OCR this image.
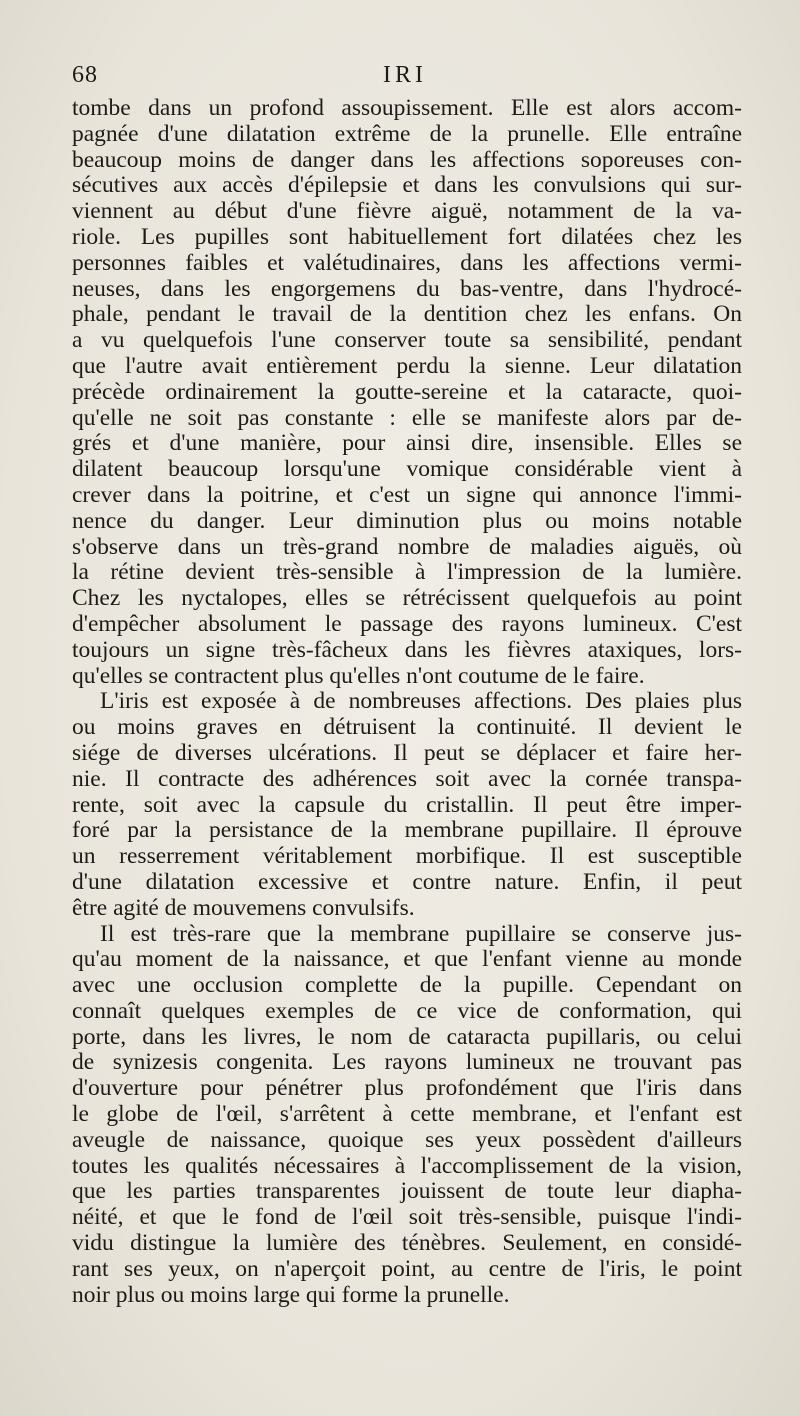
68	IRI
tombe dans un profond assoupissement. Elle est alors accom-
pagnée d'une dilatation extrême de la prunelle. Elle entraîne
beaucoup moins de danger dans les affections soporeuses con-
sécutives aux accès d'épilepsie et dans les convulsions qui sur-
viennent au début d'une fièvre aiguë, notamment de la va-
riole. Les pupilles sont habituellement fort dilatées chez les
personnes faibles et valétudinaires, dans les affections vermi-
neuses, dans les engorgemens du bas-ventre, dans l'hydrocé-
phale, pendant le travail de la dentition chez les enfans. On
a vu quelquefois l'une conserver toute sa sensibilité, pendant
que l'autre avait entièrement perdu la sienne. Leur dilatation
précède ordinairement la goutte-sereine et la cataracte, quoi-
qu'elle ne soit pas constante : elle se manifeste alors par de-
grés et d'une manière, pour ainsi dire, insensible. Elles se
dilatent beaucoup lorsqu'une vomique considérable vient à
crever dans la poitrine, et c'est un signe qui annonce l'immi-
nence du danger. Leur diminution plus ou moins notable
s'observe dans un très-grand nombre de maladies aiguës, où
la rétine devient très-sensible à l'impression de la lumière.
Chez les nyctalopes, elles se rétrécissent quelquefois au point
d'empêcher absolument le passage des rayons lumineux. C'est
toujours un signe très-fâcheux dans les fièvres ataxiques, lors-
qu'elles se contractent plus qu'elles n'ont coutume de le faire.
L'iris est exposée à de nombreuses affections. Des plaies plus
ou moins graves en détruisent la continuité. Il devient le
siége de diverses ulcérations. Il peut se déplacer et faire her-
nie. Il contracte des adhérences soit avec la cornée transpa-
rente, soit avec la capsule du cristallin. Il peut être imper-
foré par la persistance de la membrane pupillaire. Il éprouve
un resserrement véritablement morbifique. Il est susceptible
d'une dilatation excessive et contre nature. Enfin, il peut
être agité de mouvemens convulsifs.
Il est très-rare que la membrane pupillaire se conserve jus-
qu'au moment de la naissance, et que l'enfant vienne au monde
avec une occlusion complette de la pupille. Cependant on
connaît quelques exemples de ce vice de conformation, qui
porte, dans les livres, le nom de cataracta pupillaris, ou celui
de synizesis congenita. Les rayons lumineux ne trouvant pas
d'ouverture pour pénétrer plus profondément que l'iris dans
le globe de l'œil, s'arrêtent à cette membrane, et l'enfant est
aveugle de naissance, quoique ses yeux possèdent d'ailleurs
toutes les qualités nécessaires à l'accomplissement de la vision,
que les parties transparentes jouissent de toute leur diapha-
néité, et que le fond de l'œil soit très-sensible, puisque l'indi-
vidu distingue la lumière des ténèbres. Seulement, en considé-
rant ses yeux, on n'aperçoit point, au centre de l'iris, le point
noir plus ou moins large qui forme la prunelle.
